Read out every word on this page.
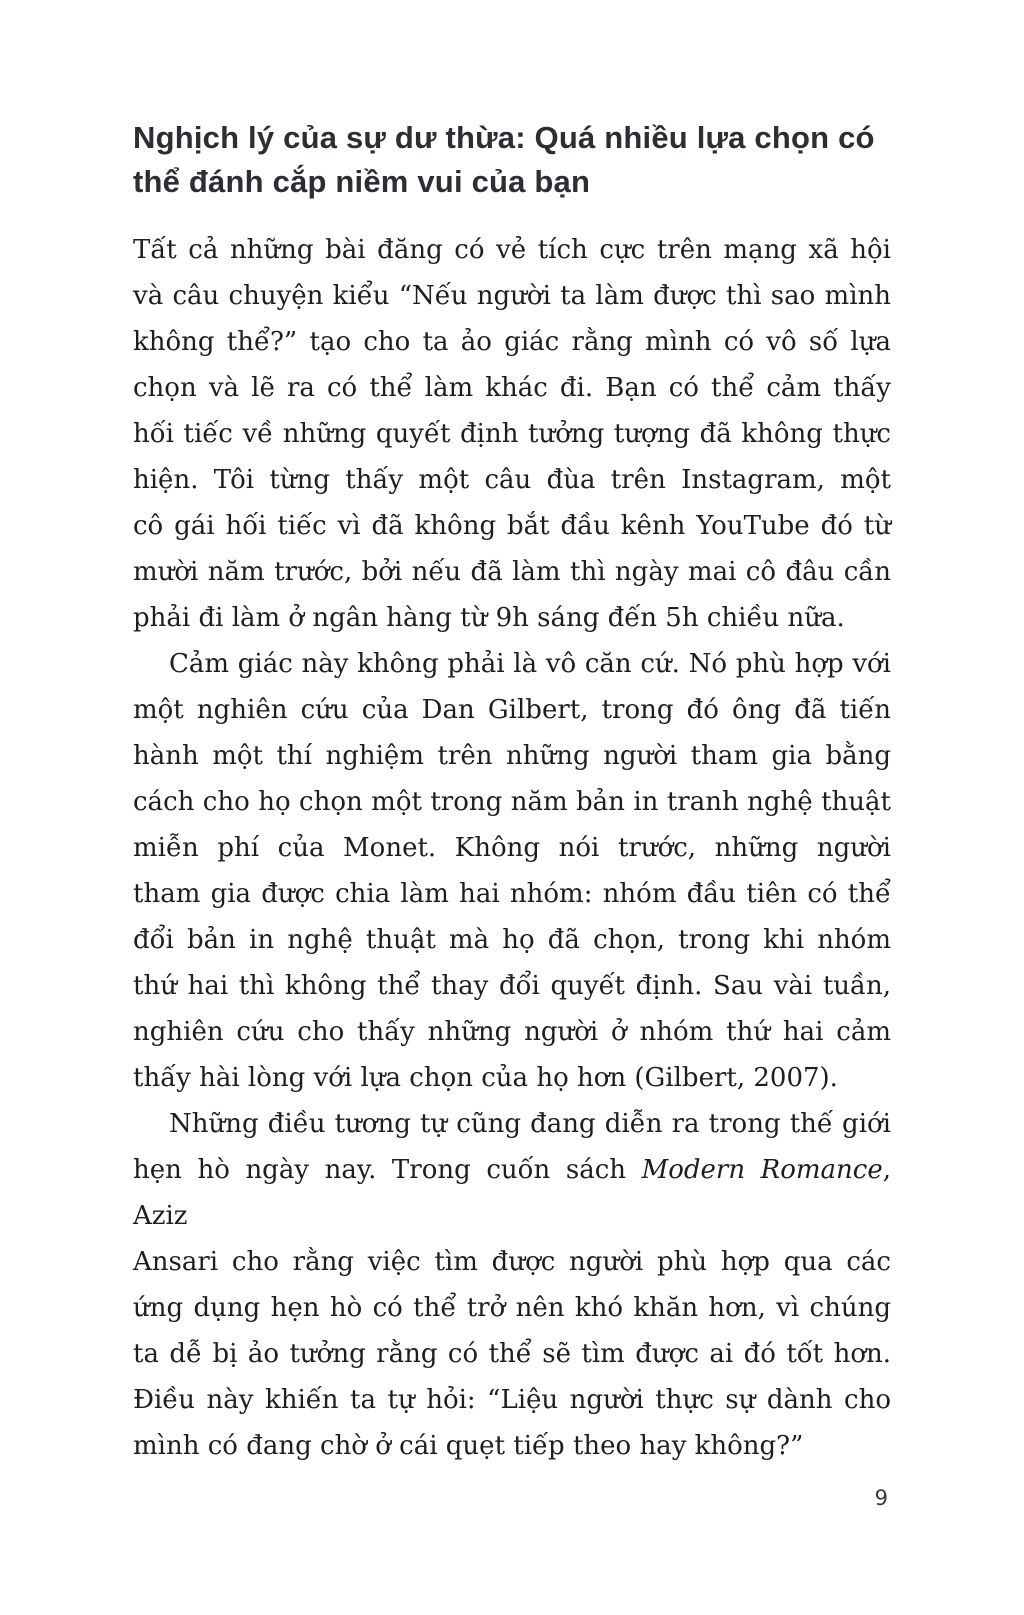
Nghịch lý của sự dư thừa: Quá nhiều lựa chọn có
thể đánh cắp niềm vui của bạn
Tất cả những bài đăng có vẻ tích cực trên mạng xã hội
và câu chuyện kiểu “Nếu người ta làm được thì sao mình
không thể?” tạo cho ta ảo giác rằng mình có vô số lựa
chọn và lẽ ra có thể làm khác đi. Bạn có thể cảm thấy
hối tiếc về những quyết định tưởng tượng đã không thực
hiện. Tôi từng thấy một câu đùa trên Instagram, một
cô gái hối tiếc vì đã không bắt đầu kênh YouTube đó từ
mười năm trước, bởi nếu đã làm thì ngày mai cô đâu cần
phải đi làm ở ngân hàng từ 9h sáng đến 5h chiều nữa.
Cảm giác này không phải là vô căn cứ. Nó phù hợp với
một nghiên cứu của Dan Gilbert, trong đó ông đã tiến
hành một thí nghiệm trên những người tham gia bằng
cách cho họ chọn một trong năm bản in tranh nghệ thuật
miễn phí của Monet. Không nói trước, những người
tham gia được chia làm hai nhóm: nhóm đầu tiên có thể
đổi bản in nghệ thuật mà họ đã chọn, trong khi nhóm
thứ hai thì không thể thay đổi quyết định. Sau vài tuần,
nghiên cứu cho thấy những người ở nhóm thứ hai cảm
thấy hài lòng với lựa chọn của họ hơn (Gilbert, 2007).
Những điều tương tự cũng đang diễn ra trong thế giới
hẹn hò ngày nay. Trong cuốn sách Modern Romance, Aziz
Ansari cho rằng việc tìm được người phù hợp qua các
ứng dụng hẹn hò có thể trở nên khó khăn hơn, vì chúng
ta dễ bị ảo tưởng rằng có thể sẽ tìm được ai đó tốt hơn.
Điều này khiến ta tự hỏi: “Liệu người thực sự dành cho
mình có đang chờ ở cái quẹt tiếp theo hay không?”
9
